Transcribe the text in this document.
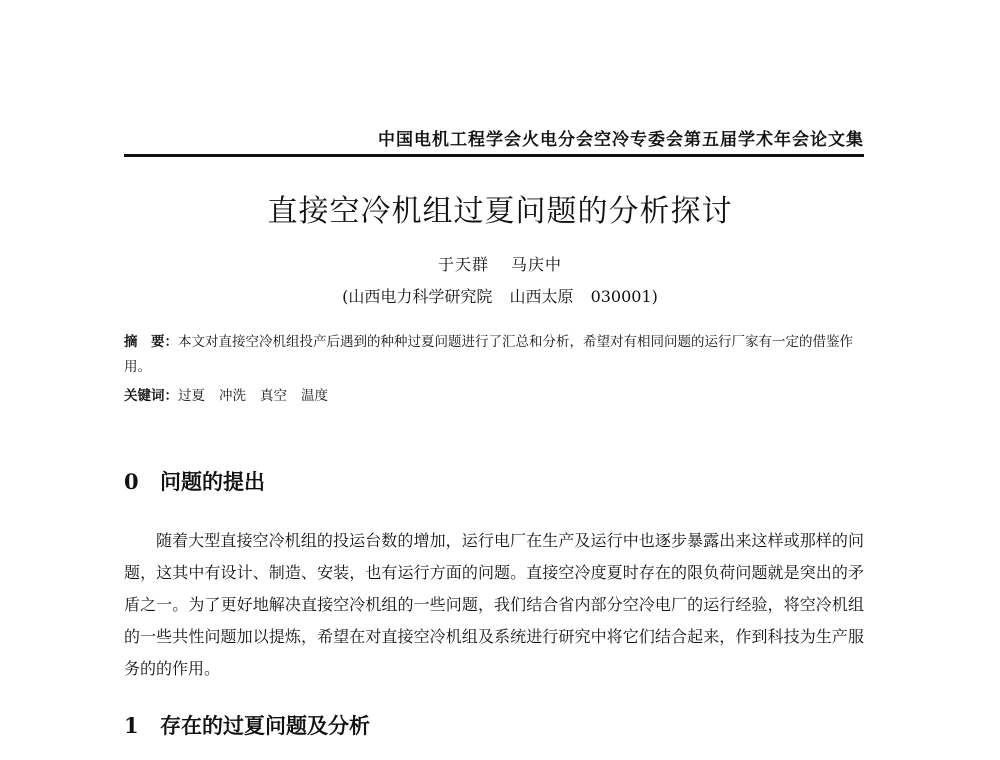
中国电机工程学会火电分会空冷专委会第五届学术年会论文集
直接空冷机组过夏问题的分析探讨
于天群 马庆中
(山西电力科学研究院 山西太原 030001)
摘　要：本文对直接空冷机组投产后遇到的种种过夏问题进行了汇总和分析，希望对有相同问题的运行厂家有一定的借鉴作用。
关键词：过夏 冲洗 真空 温度
0 问题的提出
随着大型直接空冷机组的投运台数的增加，运行电厂在生产及运行中也逐步暴露出来这样或那样的问题，这其中有设计、制造、安装，也有运行方面的问题。直接空冷度夏时存在的限负荷问题就是突出的矛盾之一。为了更好地解决直接空冷机组的一些问题，我们结合省内部分空冷电厂的运行经验，将空冷机组的一些共性问题加以提炼，希望在对直接空冷机组及系统进行研究中将它们结合起来，作到科技为生产服务的的作用。
1 存在的过夏问题及分析
